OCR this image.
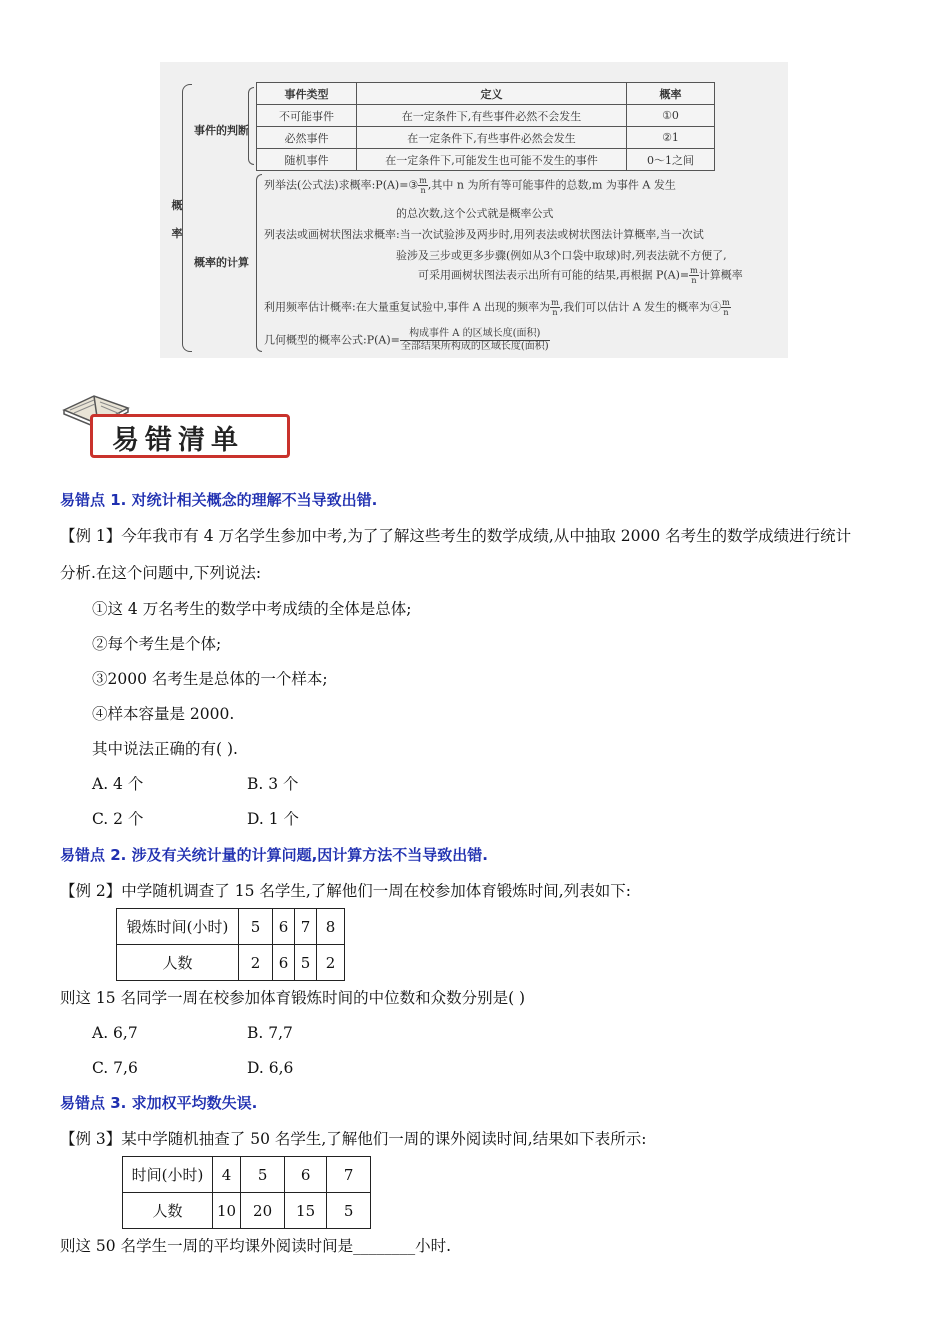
概率
事件的判断
事件类型	定义	概率
不可能事件	在一定条件下,有些事件必然不会发生	①0
必然事件	在一定条件下,有些事件必然会发生	②1
随机事件	在一定条件下,可能发生也可能不发生的事件	0～1之间
概率的计算
列举法(公式法)求概率:P(A)=③ $\frac{m}{n}$ ,其中 n 为所有等可能事件的总数,m 为事件 A 发生
的总次数,这个公式就是概率公式
列表法或画树状图法求概率:当一次试验涉及两步时,用列表法或树状图法计算概率,当一次试
验涉及三步或更多步骤(例如从3个口袋中取球)时,列表法就不方便了,
可采用画树状图法表示出所有可能的结果,再根据 $P(A)= \frac{m}{n}$ 计算概率
利用频率估计概率:在大量重复试验中,事件 A 出现的频率为 $\frac{m}{n}$ ,我们可以估计 A 发生的概率为④ $\frac{m}{n}$
几何概型的概率公式:P(A)= $\frac{\text{构成事件 A 的区域长度(面积)}}{\text{全部结果所构成的区域长度(面积)}}$
易错清单
易错点 1. 对统计相关概念的理解不当导致出错.
【例 1】今年我市有 4 万名学生参加中考,为了了解这些考生的数学成绩,从中抽取 2000 名考生的数学成绩进行统计
分析.在这个问题中,下列说法:
①这 4 万名考生的数学中考成绩的全体是总体;
②每个考生是个体;
③2000 名考生是总体的一个样本;
④样本容量是 2000.
其中说法正确的有( ).
A. 4 个	B. 3 个
C. 2 个	D. 1 个
易错点 2. 涉及有关统计量的计算问题,因计算方法不当导致出错.
【例 2】中学随机调查了 15 名学生,了解他们一周在校参加体育锻炼时间,列表如下:
锻炼时间(小时)	5	6	7	8
人数	2	6	5	2
则这 15 名同学一周在校参加体育锻炼时间的中位数和众数分别是( )
A. 6,7	B. 7,7
C. 7,6	D. 6,6
易错点 3. 求加权平均数失误.
【例 3】某中学随机抽查了 50 名学生,了解他们一周的课外阅读时间,结果如下表所示:
时间(小时)	4	5	6	7
人数	10	20	15	5
则这 50 名学生一周的平均课外阅读时间是________小时.
